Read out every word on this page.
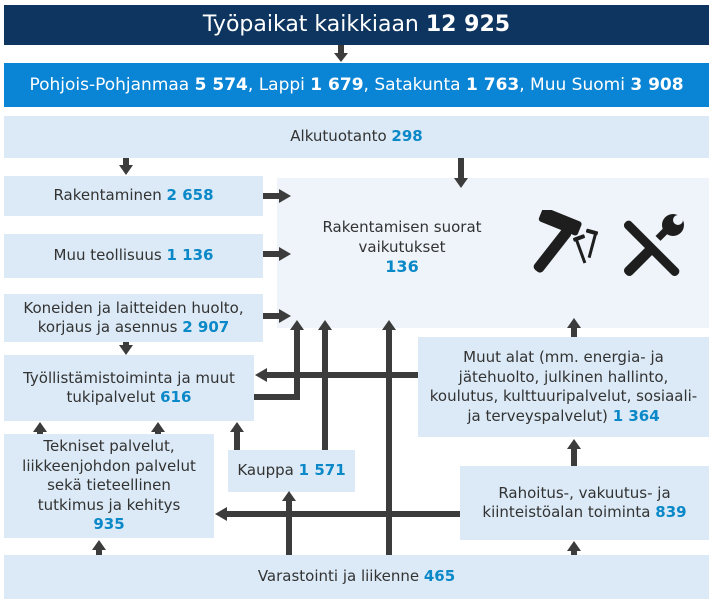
Työpaikat kaikkiaan
12 925
Pohjois-Pohjanmaa
5 574 , Lappi
1 679 , Satakunta
1 763 , Muu Suomi
3 908
Alkutuotanto
298
Rakentamisen suorat
vaikutukset
136
Rakentaminen
2 658
Muu teollisuus
1 136
Koneiden ja laitteiden huolto,
korjaus ja asennus 2 907
Työllistämistoiminta ja muut
tukipalvelut 616
Tekniset palvelut,
liikkeenjohdon palvelut
sekä tieteellinen
tutkimus ja kehitys
935
Kauppa
1 571
Muut alat (mm. energia- ja
jätehuolto, julkinen hallinto,
koulutus, kulttuuripalvelut, sosiaali-
ja terveyspalvelut) 1 364
Rahoitus-, vakuutus- ja
kiinteistöalan toiminta 839
Varastointi ja liikenne
465
